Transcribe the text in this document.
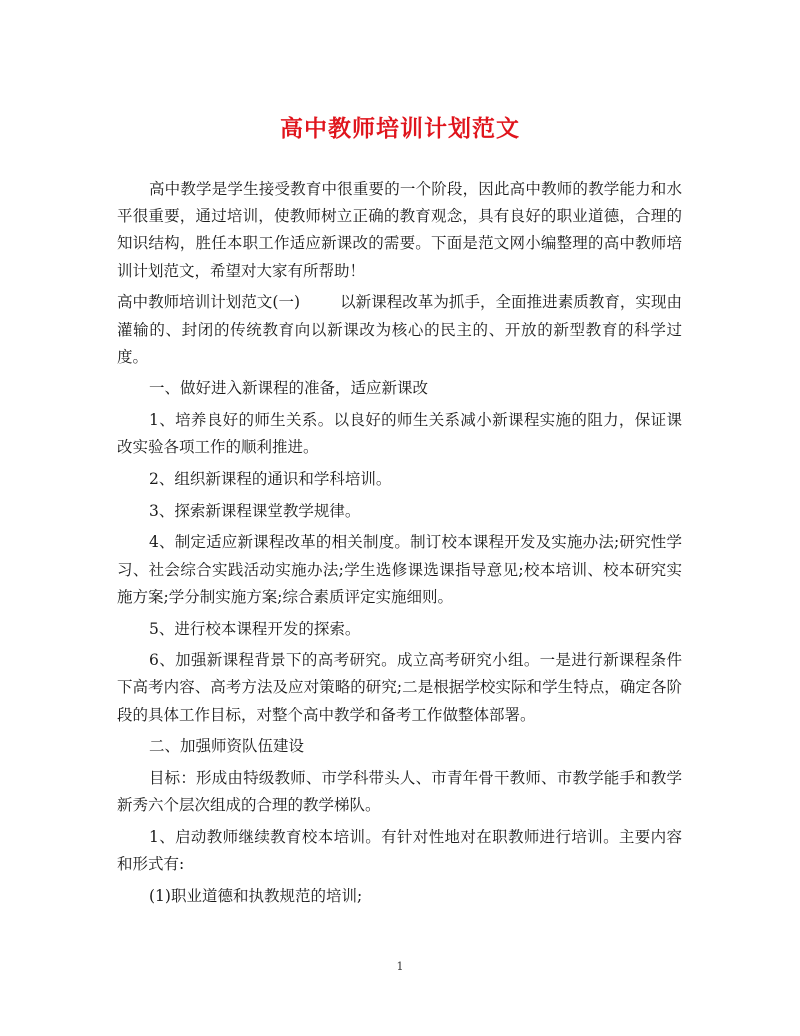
高中教师培训计划范文

高中教学是学生接受教育中很重要的一个阶段，因此高中教师的教学能力和水平很重要，通过培训，使教师树立正确的教育观念，具有良好的职业道德，合理的知识结构，胜任本职工作适应新课改的需要。下面是范文网小编整理的高中教师培训计划范文，希望对大家有所帮助！

高中教师培训计划范文(一)	以新课程改革为抓手，全面推进素质教育，实现由灌输的、封闭的传统教育向以新课改为核心的民主的、开放的新型教育的科学过度。

一、做好进入新课程的准备，适应新课改

1、培养良好的师生关系。以良好的师生关系减小新课程实施的阻力，保证课改实验各项工作的顺利推进。

2、组织新课程的通识和学科培训。

3、探索新课程课堂教学规律。

4、制定适应新课程改革的相关制度。制订校本课程开发及实施办法;研究性学习、社会综合实践活动实施办法;学生选修课选课指导意见;校本培训、校本研究实施方案;学分制实施方案;综合素质评定实施细则。

5、进行校本课程开发的探索。

6、加强新课程背景下的高考研究。成立高考研究小组。一是进行新课程条件下高考内容、高考方法及应对策略的研究;二是根据学校实际和学生特点，确定各阶段的具体工作目标，对整个高中教学和备考工作做整体部署。

二、加强师资队伍建设

目标：形成由特级教师、市学科带头人、市青年骨干教师、市教学能手和教学新秀六个层次组成的合理的教学梯队。

1、启动教师继续教育校本培训。有针对性地对在职教师进行培训。主要内容和形式有:

(1)职业道德和执教规范的培训;

1
